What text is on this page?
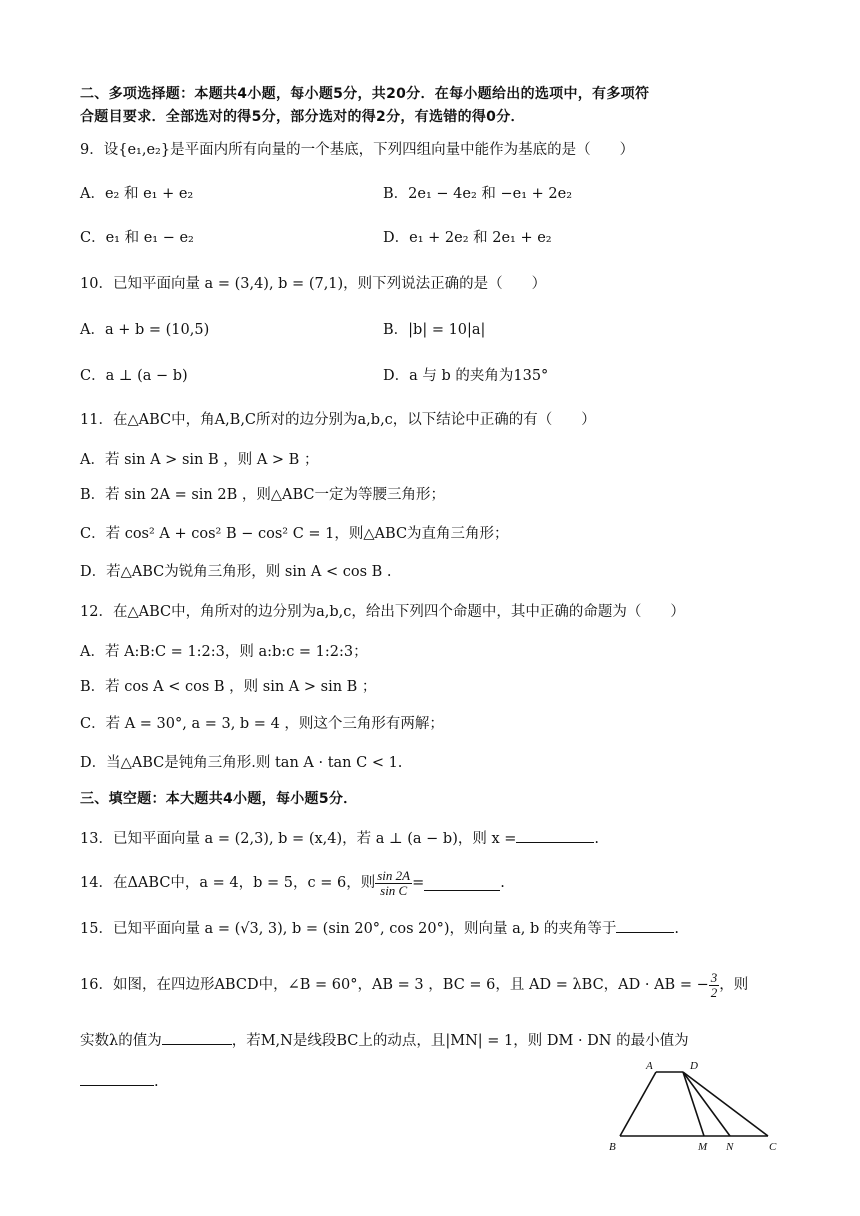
二、多项选择题：本题共4小题，每小题5分，共20分．在每小题给出的选项中，有多项符
合题目要求．全部选对的得5分，部分选对的得2分，有选错的得0分．
9．设{e₁,e₂}是平面内所有向量的一个基底，下列四组向量中能作为基底的是（　　）
A．e₂ 和 e₁ + e₂	B．2e₁ − 4e₂ 和 −e₁ + 2e₂
C．e₁ 和 e₁ − e₂	D．e₁ + 2e₂ 和 2e₁ + e₂
10．已知平面向量 a = (3,4), b = (7,1)，则下列说法正确的是（　　）
A．a + b = (10,5)	B．|b| = 10|a|
C．a ⊥ (a − b)	D．a 与 b 的夹角为135°
11．在△ABC中，角A,B,C所对的边分别为a,b,c，以下结论中正确的有（　　）
A．若 sin A > sin B ，则 A > B ；
B．若 sin 2A = sin 2B ，则△ABC一定为等腰三角形；
C．若 cos² A + cos² B − cos² C = 1，则△ABC为直角三角形；
D．若△ABC为锐角三角形，则 sin A < cos B .
12．在△ABC中，角所对的边分别为a,b,c，给出下列四个命题中，其中正确的命题为（　　）
A．若 A:B:C = 1:2:3，则 a:b:c = 1:2:3；
B．若 cos A < cos B ，则 sin A > sin B ；
C．若 A = 30°, a = 3, b = 4 ，则这个三角形有两解；
D．当△ABC是钝角三角形.则 tan A · tan C < 1.
三、填空题：本大题共4小题，每小题5分．
13．已知平面向量 a = (2,3), b = (x,4)，若 a ⊥ (a − b)，则 x =	.
14．在ΔABC中，a = 4，b = 5，c = 6，则 $\frac{\sin 2A}{\text{sin C}}$ =	.
15．已知平面向量 a = (√3, 3), b = (sin 20°, cos 20°)，则向量 a, b 的夹角等于	.
16．如图，在四边形ABCD中，∠B = 60°，AB = 3 ，BC = 6，且 AD = λBC，AD · AB = − $\frac{3}{2}$ ，则
实数λ的值为	，若M,N是线段BC上的动点，且|MN| = 1，则 DM · DN 的最小值为
.
A	D
B	M N	C
